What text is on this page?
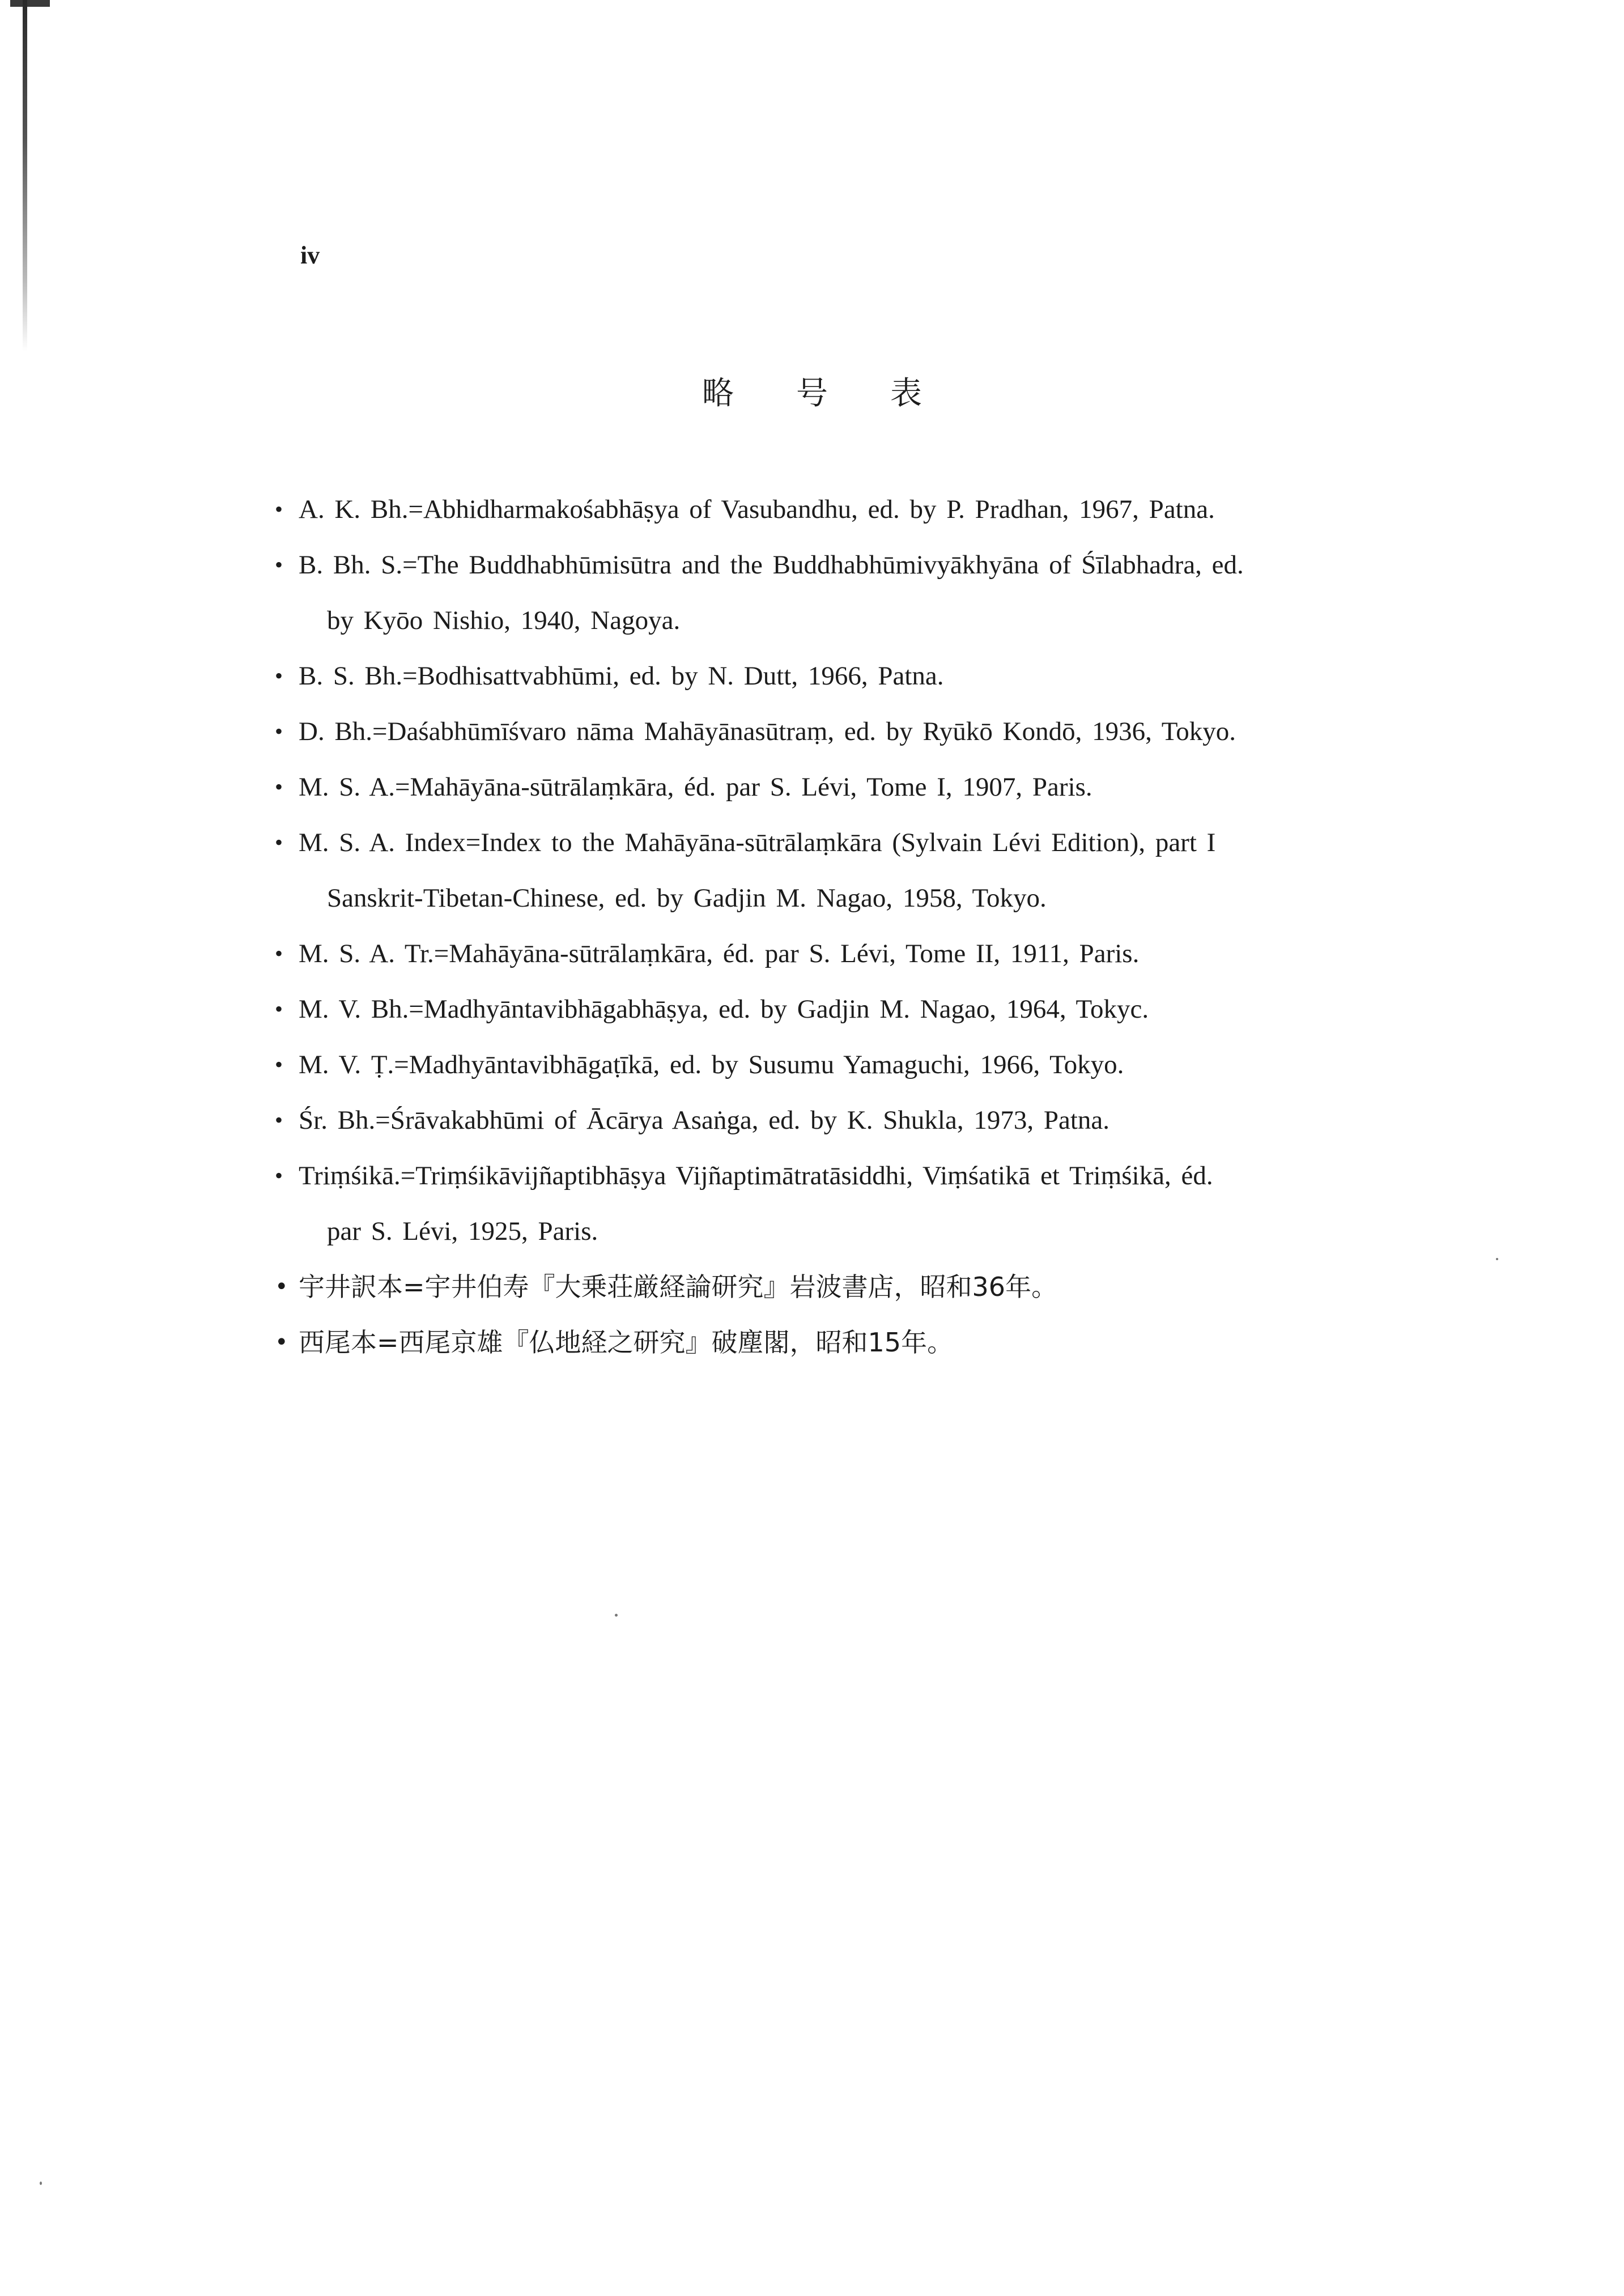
iv
略号表
• A. K. Bh.=Abhidharmakośabhāṣya of Vasubandhu, ed. by P. Pradhan, 1967, Patna.
• B. Bh. S.=The Buddhabhūmisūtra and the Buddhabhūmivyākhyāna of Śīlabhadra, ed.
by Kyōo Nishio, 1940, Nagoya.
• B. S. Bh.=Bodhisattvabhūmi, ed. by N. Dutt, 1966, Patna.
• D. Bh.=Daśabhūmīśvaro nāma Mahāyānasūtraṃ, ed. by Ryūkō Kondō, 1936, Tokyo.
• M. S. A.=Mahāyāna-sūtrālaṃkāra, éd. par S. Lévi, Tome I, 1907, Paris.
• M. S. A. Index=Index to the Mahāyāna-sūtrālaṃkāra (Sylvain Lévi Edition), part I
Sanskrit-Tibetan-Chinese, ed. by Gadjin M. Nagao, 1958, Tokyo.
• M. S. A. Tr.=Mahāyāna-sūtrālaṃkāra, éd. par S. Lévi, Tome II, 1911, Paris.
• M. V. Bh.=Madhyāntavibhāgabhāṣya, ed. by Gadjin M. Nagao, 1964, Tokyc.
• M. V. Ṭ.=Madhyāntavibhāgaṭīkā, ed. by Susumu Yamaguchi, 1966, Tokyo.
• Śr. Bh.=Śrāvakabhūmi of Ācārya Asaṅga, ed. by K. Shukla, 1973, Patna.
• Triṃśikā.=Triṃśikāvijñaptibhāṣya Vijñaptimātratāsiddhi, Viṃśatikā et Triṃśikā, éd.
par S. Lévi, 1925, Paris.
• 宇井訳本=宇井伯寿『大乗荘厳経論研究』岩波書店，昭和36年。
• 西尾本=西尾京雄『仏地経之研究』破塵閣，昭和15年。
